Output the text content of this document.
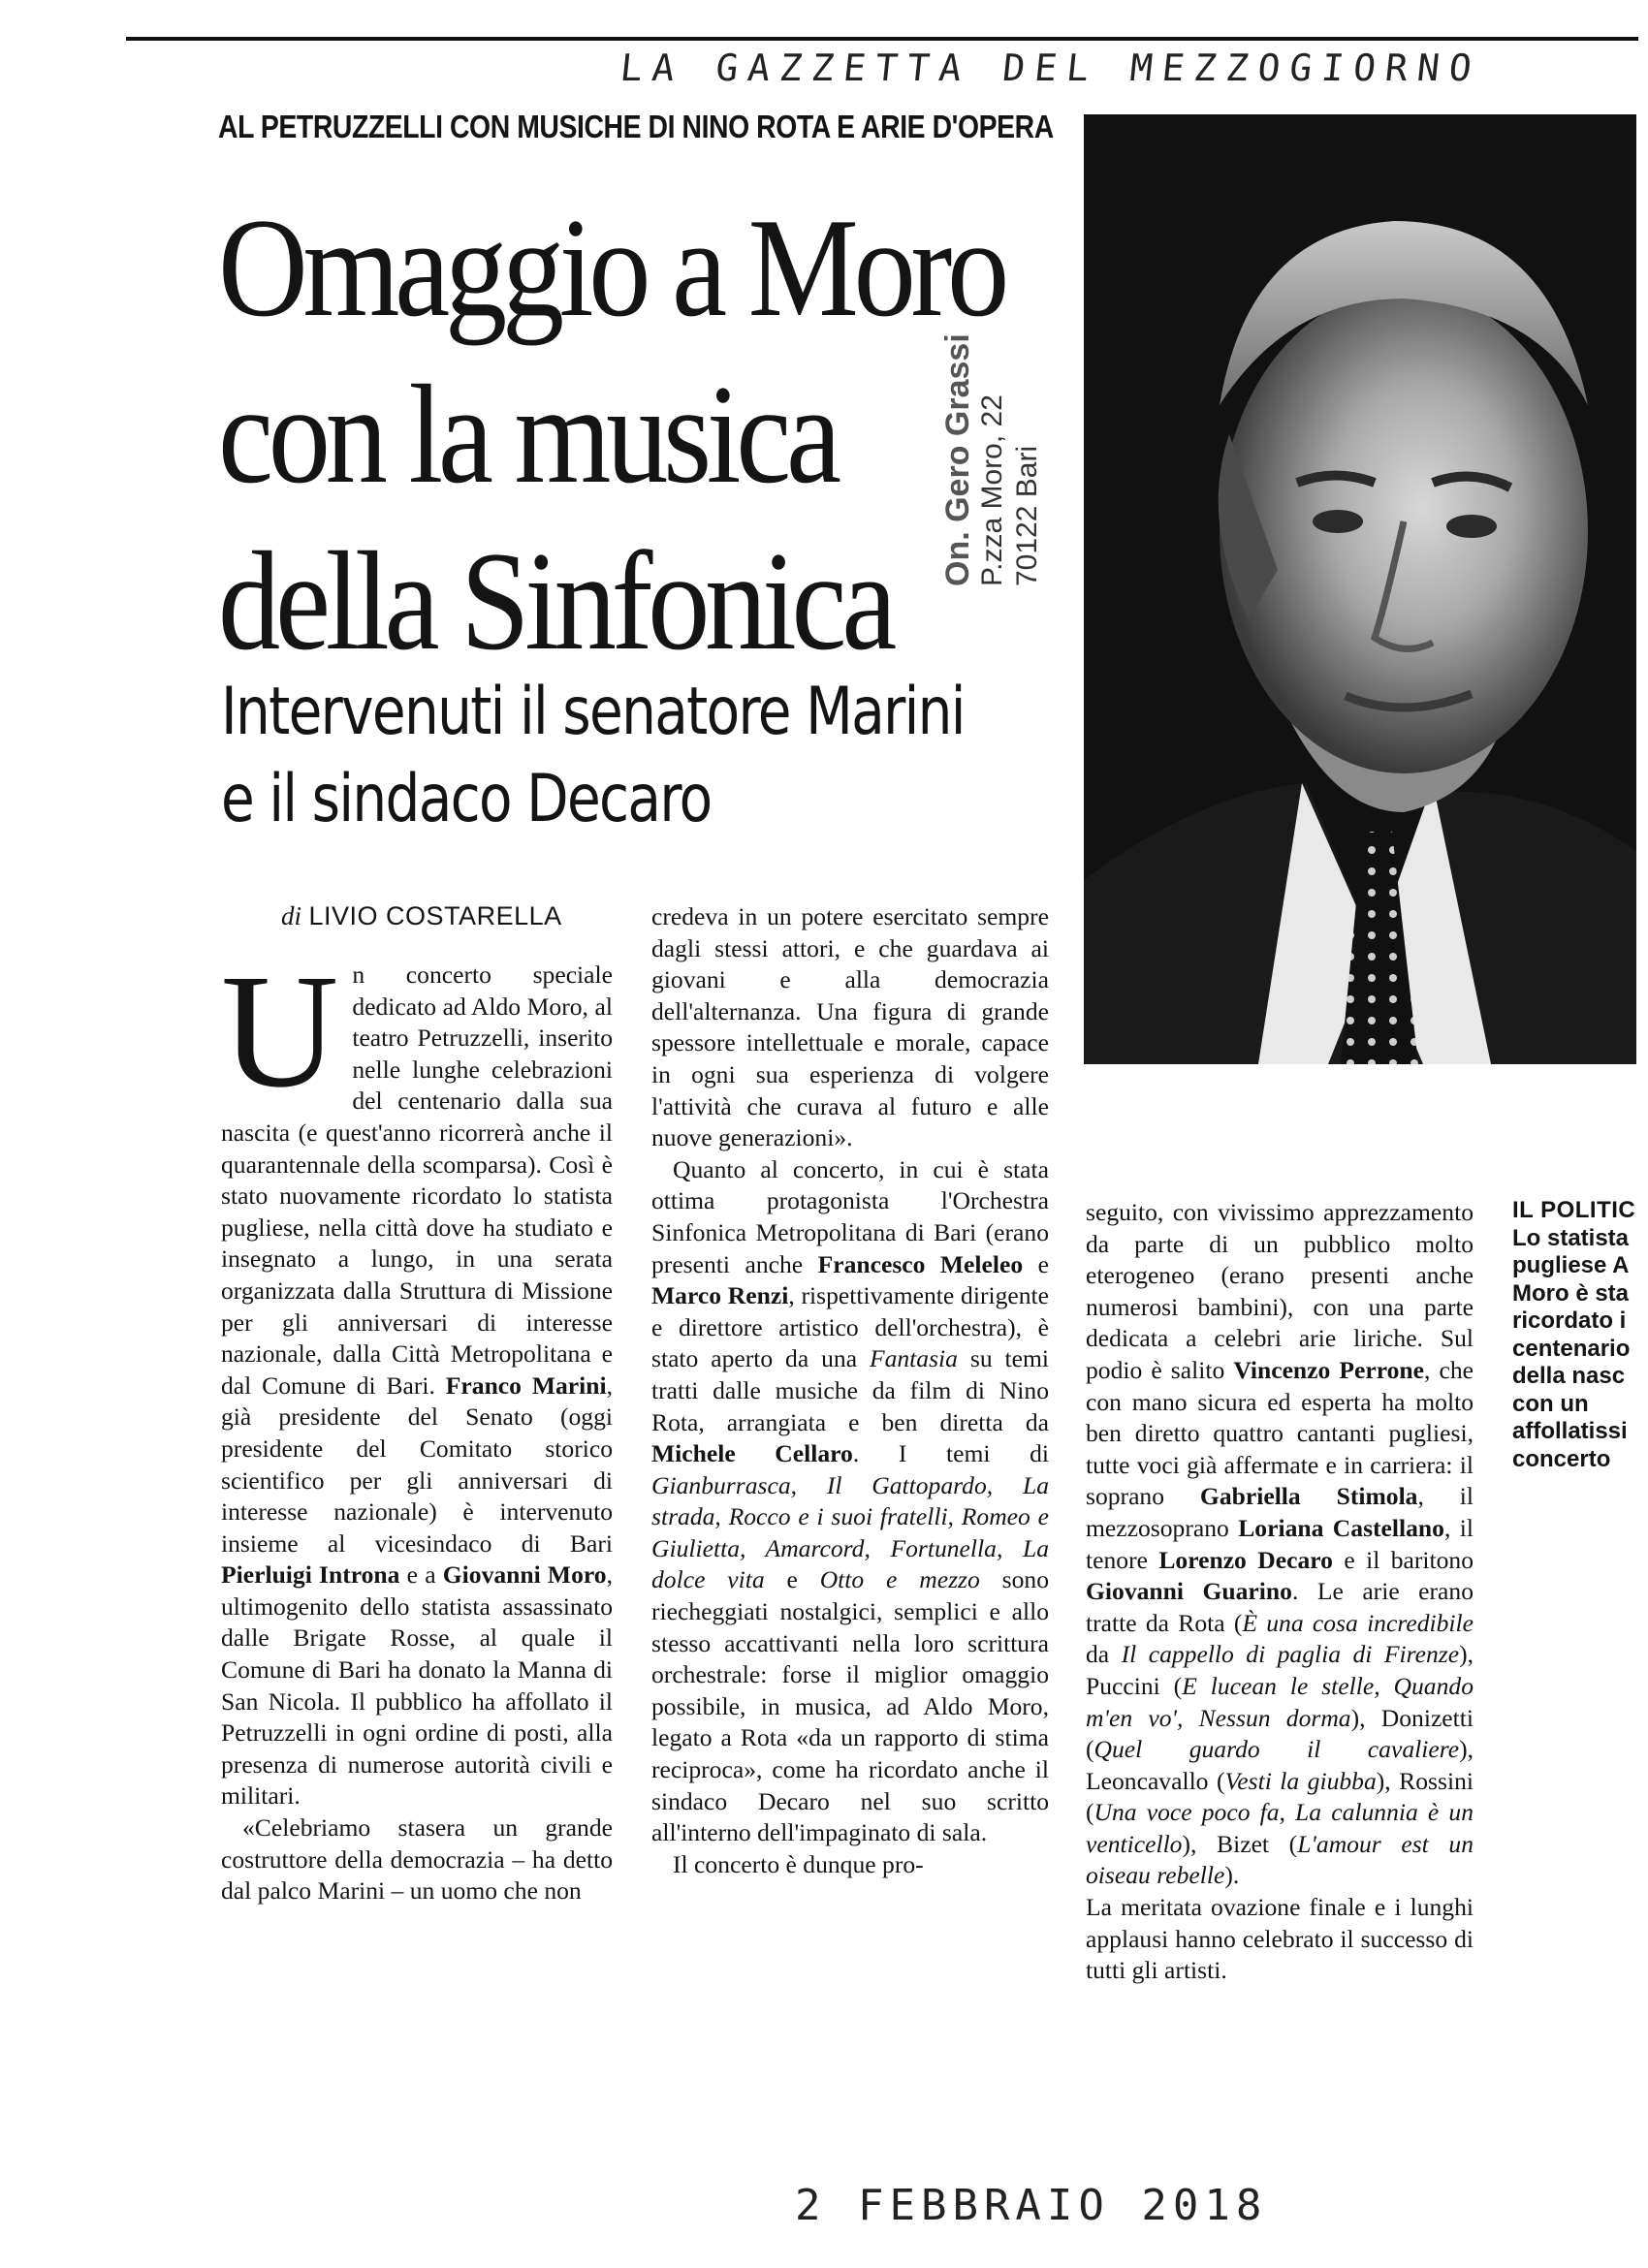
LA GAZZETTA DEL MEZZOGIORNO
AL PETRUZZELLI CON MUSICHE DI NINO ROTA E ARIE D'OPERA
Omaggio a Moro
con la musica
della Sinfonica
On. Gero Grassi P.zza Moro, 22 70122 Bari
Intervenuti il senatore Marini
e il sindaco Decaro
di LIVIO COSTARELLA

Un concerto speciale dedicato ad Aldo Moro, al teatro Petruzzelli, inserito nelle lunghe celebrazioni del centenario dalla sua nascita (e quest'anno ricorrerà anche il quarantennale della scomparsa). Così è stato nuovamente ricordato lo statista pugliese, nella città dove ha studiato e insegnato a lungo, in una serata organizzata dalla Struttura di Missione per gli anniversari di interesse nazionale, dalla Città Metropolitana e dal Comune di Bari. Franco Marini, già presidente del Senato (oggi presidente del Comitato storico scientifico per gli anniversari di interesse nazionale) è intervenuto insieme al vicesindaco di Bari Pierluigi Introna e a Giovanni Moro, ultimogenito dello statista assassinato dalle Brigate Rosse, al quale il Comune di Bari ha donato la Manna di San Nicola. Il pubblico ha affollato il Petruzzelli in ogni ordine di posti, alla presenza di numerose autorità civili e militari.

«Celebriamo stasera un grande costruttore della democrazia – ha detto dal palco Marini – un uomo che non

credeva in un potere esercitato sempre dagli stessi attori, e che guardava ai giovani e alla democrazia dell'alternanza. Una figura di grande spessore intellettuale e morale, capace in ogni sua esperienza di volgere l'attività che curava al futuro e alle nuove generazioni».

Quanto al concerto, in cui è stata ottima protagonista l'Orchestra Sinfonica Metropolitana di Bari (erano presenti anche Francesco Meleleo e Marco Renzi, rispettivamente dirigente e direttore artistico dell'orchestra), è stato aperto da una Fantasia su temi tratti dalle musiche da film di Nino Rota, arrangiata e ben diretta da Michele Cellaro. I temi di Gianburrasca, Il Gattopardo, La strada, Rocco e i suoi fratelli, Romeo e Giulietta, Amarcord, Fortunella, La dolce vita e Otto e mezzo sono riecheggiati nostalgici, semplici e allo stesso accattivanti nella loro scrittura orchestrale: forse il miglior omaggio possibile, in musica, ad Aldo Moro, legato a Rota «da un rapporto di stima reciproca», come ha ricordato anche il sindaco Decaro nel suo scritto all'interno dell'impaginato di sala.

Il concerto è dunque pro-

seguito, con vivissimo apprezzamento da parte di un pubblico molto eterogeneo (erano presenti anche numerosi bambini), con una parte dedicata a celebri arie liriche. Sul podio è salito Vincenzo Perrone, che con mano sicura ed esperta ha molto ben diretto quattro cantanti pugliesi, tutte voci già affermate e in carriera: il soprano Gabriella Stimola, il mezzosoprano Loriana Castellano, il tenore Lorenzo Decaro e il baritono Giovanni Guarino. Le arie erano tratte da Rota (È una cosa incredibile da Il cappello di paglia di Firenze), Puccini (E lucean le stelle, Quando m'en vo', Nessun dorma), Donizetti (Quel guardo il cavaliere), Leoncavallo (Vesti la giubba), Rossini (Una voce poco fa, La calunnia è un venticello), Bizet (L'amour est un oiseau rebelle).

La meritata ovazione finale e i lunghi applausi hanno celebrato il successo di tutti gli artisti.

IL POLITIC

Lo statista

pugliese A

Moro è sta

ricordato i

centenario

della nasc

con un

affollatissi

concerto

2 FEBBRAIO 2018
